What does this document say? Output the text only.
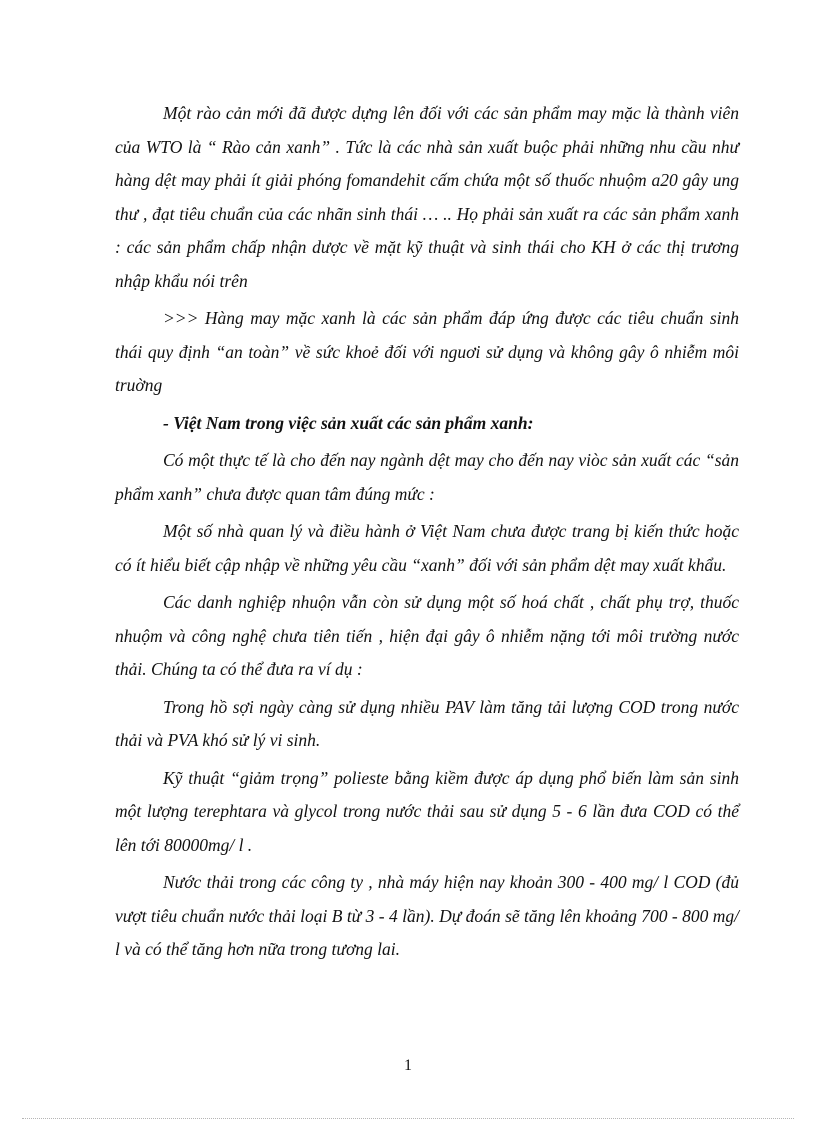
Một rào cản mới đã được dựng lên đối với các sản phẩm may mặc là thành viên của WTO là “ Rào cản xanh” . Tức là các nhà sản xuất buộc phải những nhu cầu như hàng dệt may phải ít giải phóng fomandehit cấm chứa một số thuốc nhuộm a20 gây ung thư , đạt tiêu chuẩn của các nhãn sinh thái … .. Họ phải sản xuất ra các sản phẩm xanh : các sản phẩm chấp nhận dược về mặt kỹ thuật và sinh thái cho KH ở các thị trương nhập khẩu nói trên

>>> Hàng may mặc xanh là các sản phẩm đáp ứng được các tiêu chuẩn sinh thái quy định “an toàn” về sức khoẻ đối với nguơi sử dụng và không gây ô nhiễm môi truờng

- Việt Nam trong việc sản xuất các sản phẩm xanh:

Có một thực tế là cho đến nay ngành dệt may cho đến nay viòc sản xuất các “sản phẩm xanh” chưa được quan tâm đúng mức :

Một số nhà quan lý và điều hành ở Việt Nam chưa được trang bị kiến thức hoặc có ít hiểu biết cập nhập về những yêu cầu “xanh” đối với sản phẩm dệt may xuất khẩu.

Các danh nghiệp nhuộn vẫn còn sử dụng một số hoá chất , chất phụ trợ, thuốc nhuộm và công nghệ chưa tiên tiến , hiện đại gây ô nhiễm nặng tới môi trường nước thải. Chúng ta có thể đưa ra ví dụ :

Trong hồ sợi ngày càng sử dụng nhiều PAV làm tăng tải lượng COD trong nước thải và PVA khó sử lý vi sinh.

Kỹ thuật “giảm trọng” polieste bằng kiềm được áp dụng phổ biến làm sản sinh một lượng terephtara và glycol trong nước thải sau sử dụng 5 - 6 lần đưa COD có thể lên tới 80000mg/ l .

Nước thải trong các công ty , nhà máy hiện nay khoản 300 - 400 mg/ l COD (đủ vượt tiêu chuẩn nước thải loại B từ 3 - 4 lần). Dự đoán sẽ tăng lên khoảng 700 - 800 mg/ l và có thể tăng hơn nữa trong tương lai.

1
